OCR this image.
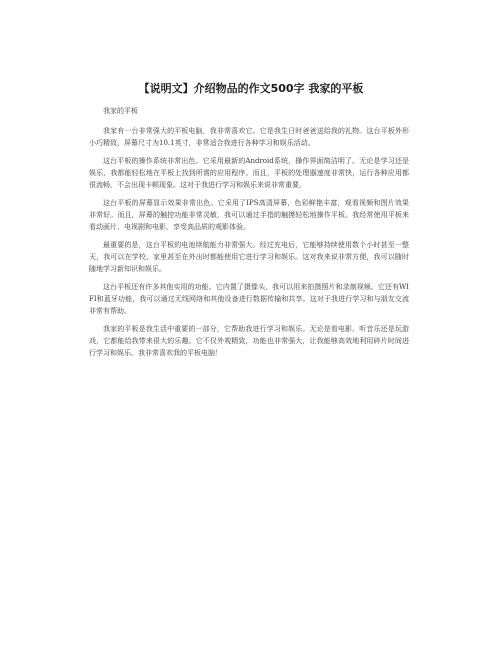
【说明文】介绍物品的作文500字 我家的平板

我家的平板

我家有一台非常强大的平板电脑，我非常喜欢它。它是我生日时爸爸送给我的礼物。这台平板外形小巧精致，屏幕尺寸为10.1英寸，非常适合我进行各种学习和娱乐活动。

这台平板的操作系统非常出色。它采用最新的Android系统，操作界面简洁明了。无论是学习还是娱乐，我都能轻松地在平板上找到所需的应用程序。而且，平板的处理器速度非常快，运行各种应用都很流畅，不会出现卡顿现象。这对于我进行学习和娱乐来说非常重要。

这台平板的屏幕显示效果非常出色。它采用了IPS高清屏幕，色彩鲜艳丰富，观看视频和图片效果非常好。而且，屏幕的触控功能非常灵敏，我可以通过手指的触摸轻松地操作平板。我经常使用平板来看动画片、电视剧和电影，享受高品质的观影体验。

最重要的是，这台平板的电池续航能力非常强大。经过充电后，它能够持续使用数个小时甚至一整天，我可以在学校、家里甚至在外出时都能使用它进行学习和娱乐。这对我来说非常方便，我可以随时随地学习新知识和娱乐。

这台平板还有许多其他实用的功能。它内置了摄像头，我可以用来拍摄照片和录制视频。它还有WIFI和蓝牙功能，我可以通过无线网络和其他设备进行数据传输和共享。这对于我进行学习和与朋友交流非常有帮助。

我家的平板是我生活中重要的一部分，它帮助我进行学习和娱乐。无论是看电影、听音乐还是玩游戏，它都能给我带来很大的乐趣。它不仅外观精致，功能也非常强大，让我能够高效地利用碎片时间进行学习和娱乐。我非常喜欢我的平板电脑！
